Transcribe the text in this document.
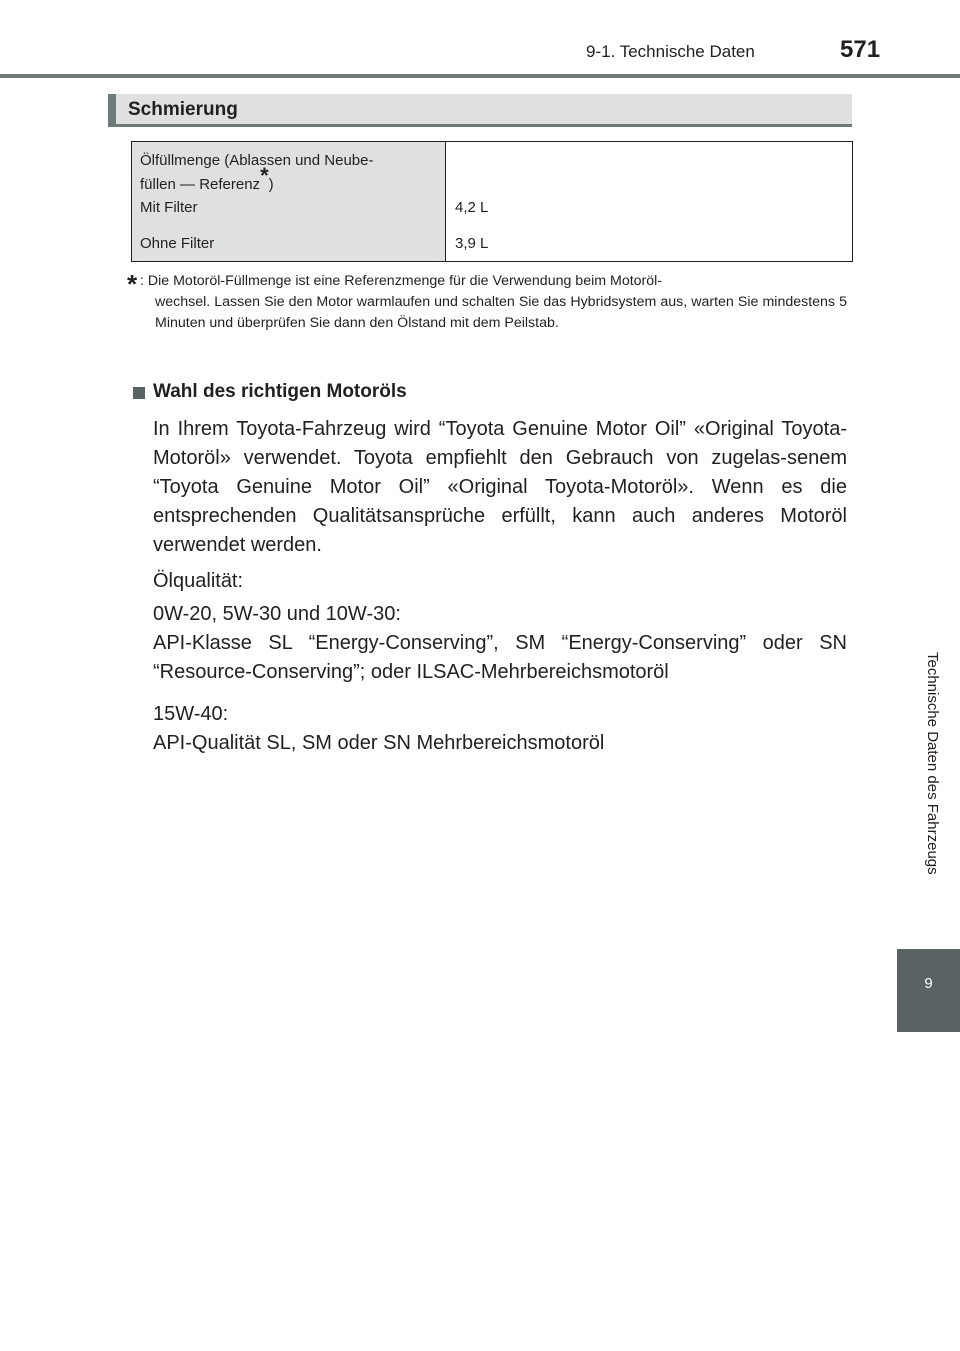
9-1. Technische Daten	571
Technische Daten des Fahrzeugs
9
Schmierung
Ölfüllmenge (Ablassen und Neube-
füllen — Referenz*)
Mit Filter	4,2 L
Ohne Filter	3,9 L
* : Die Motoröl-Füllmenge ist eine Referenzmenge für die Verwendung beim Motoröl-
wechsel. Lassen Sie den Motor warmlaufen und schalten Sie das Hybridsystem aus, warten Sie mindestens 5 Minuten und überprüfen Sie dann den Ölstand mit dem Peilstab.
Wahl des richtigen Motoröls
In Ihrem Toyota-Fahrzeug wird “Toyota Genuine Motor Oil” «Original Toyota-Motoröl» verwendet. Toyota empfiehlt den Gebrauch von zugelas-senem “Toyota Genuine Motor Oil” «Original Toyota-Motoröl». Wenn es die entsprechenden Qualitätsansprüche erfüllt, kann auch anderes Motoröl verwendet werden.
Ölqualität:
0W-20, 5W-30 und 10W-30:
API-Klasse SL “Energy-Conserving”, SM “Energy-Conserving” oder SN “Resource-Conserving”; oder ILSAC-Mehrbereichsmotoröl
15W-40:
API-Qualität SL, SM oder SN Mehrbereichsmotoröl
